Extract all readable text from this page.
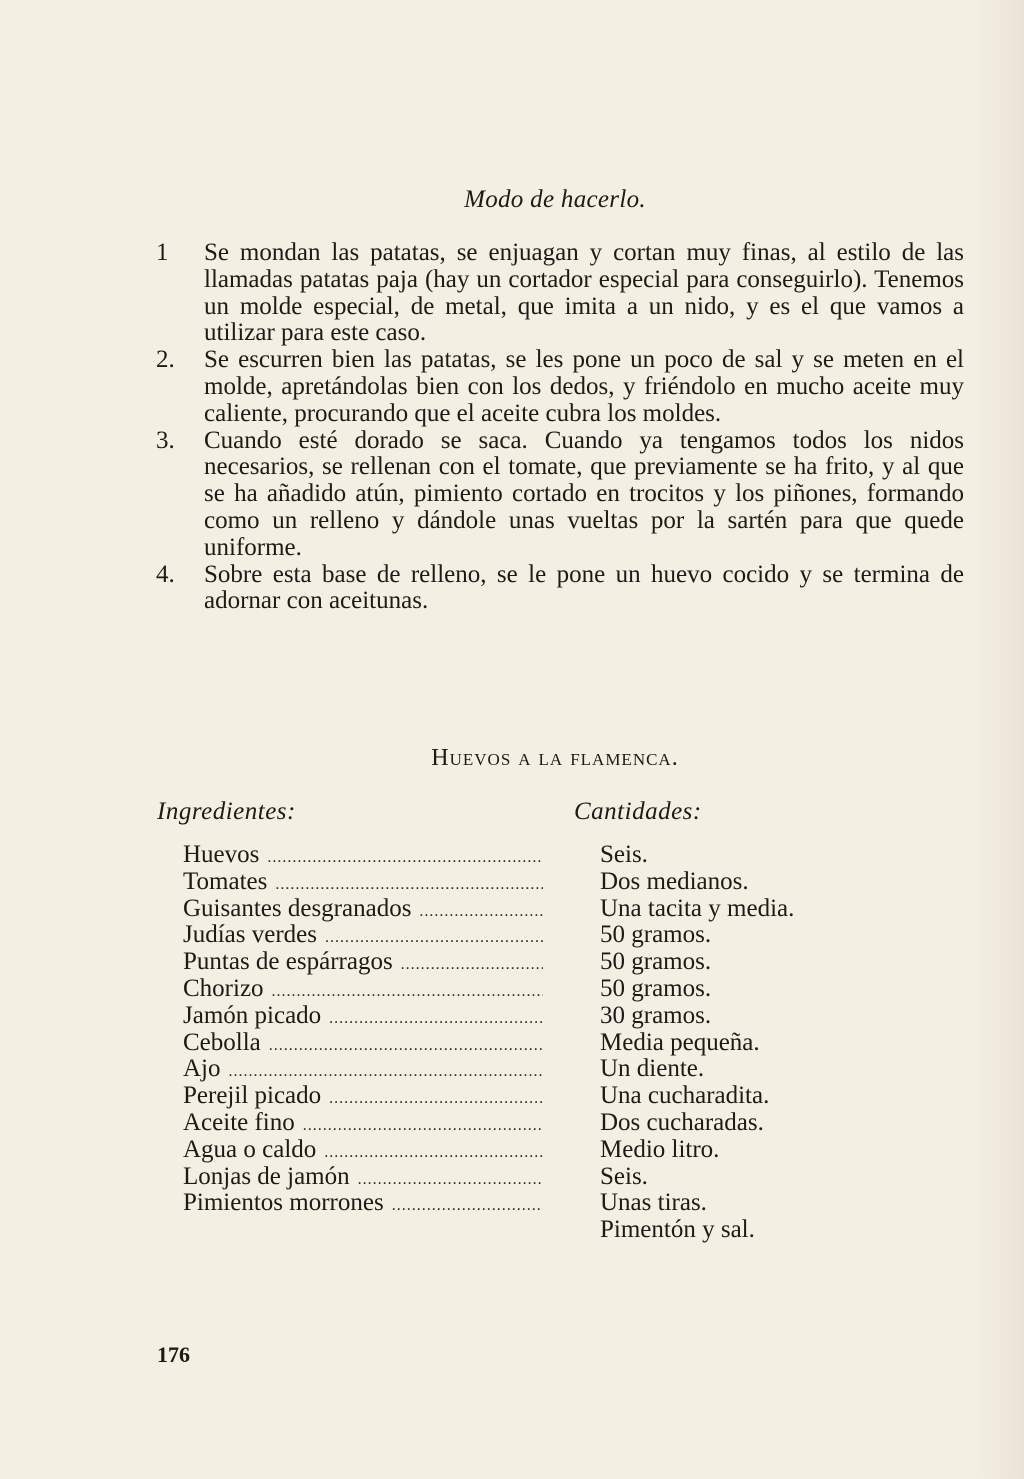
Modo de hacerlo.
1 Se mondan las patatas, se enjuagan y cortan muy finas, al estilo de las llamadas patatas paja (hay un cortador especial para conseguirlo). Tenemos un molde especial, de metal, que imita a un nido, y es el que vamos a utilizar para este caso.
2. Se escurren bien las patatas, se les pone un poco de sal y se meten en el molde, apretándolas bien con los dedos, y friéndolo en mucho aceite muy caliente, procurando que el aceite cubra los moldes.
3. Cuando esté dorado se saca. Cuando ya tengamos todos los nidos necesarios, se rellenan con el tomate, que previamente se ha frito, y al que se ha añadido atún, pimiento cortado en trocitos y los piñones, formando como un relleno y dándole unas vueltas por la sartén para que quede uniforme.
4. Sobre esta base de relleno, se le pone un huevo cocido y se termina de adornar con aceitunas.
Huevos a la flamenca.
Ingredientes:	Cantidades:
Huevos
.....
Tomates
.....
Guisantes desgranados
.....
Judías verdes
.....
Puntas de espárragos
.....
Chorizo
.....
Jamón picado
.....
Cebolla
.....
Ajo
.....
Perejil picado
.....
Aceite fino
.....
Agua o caldo
.....
Lonjas de jamón
.....
Pimientos morrones
.....
Seis.
Dos medianos.
Una tacita y media.
50 gramos.
50 gramos.
50 gramos.
30 gramos.
Media pequeña.
Un diente.
Una cucharadita.
Dos cucharadas.
Medio litro.
Seis.
Unas tiras.
Pimentón y sal.
176
